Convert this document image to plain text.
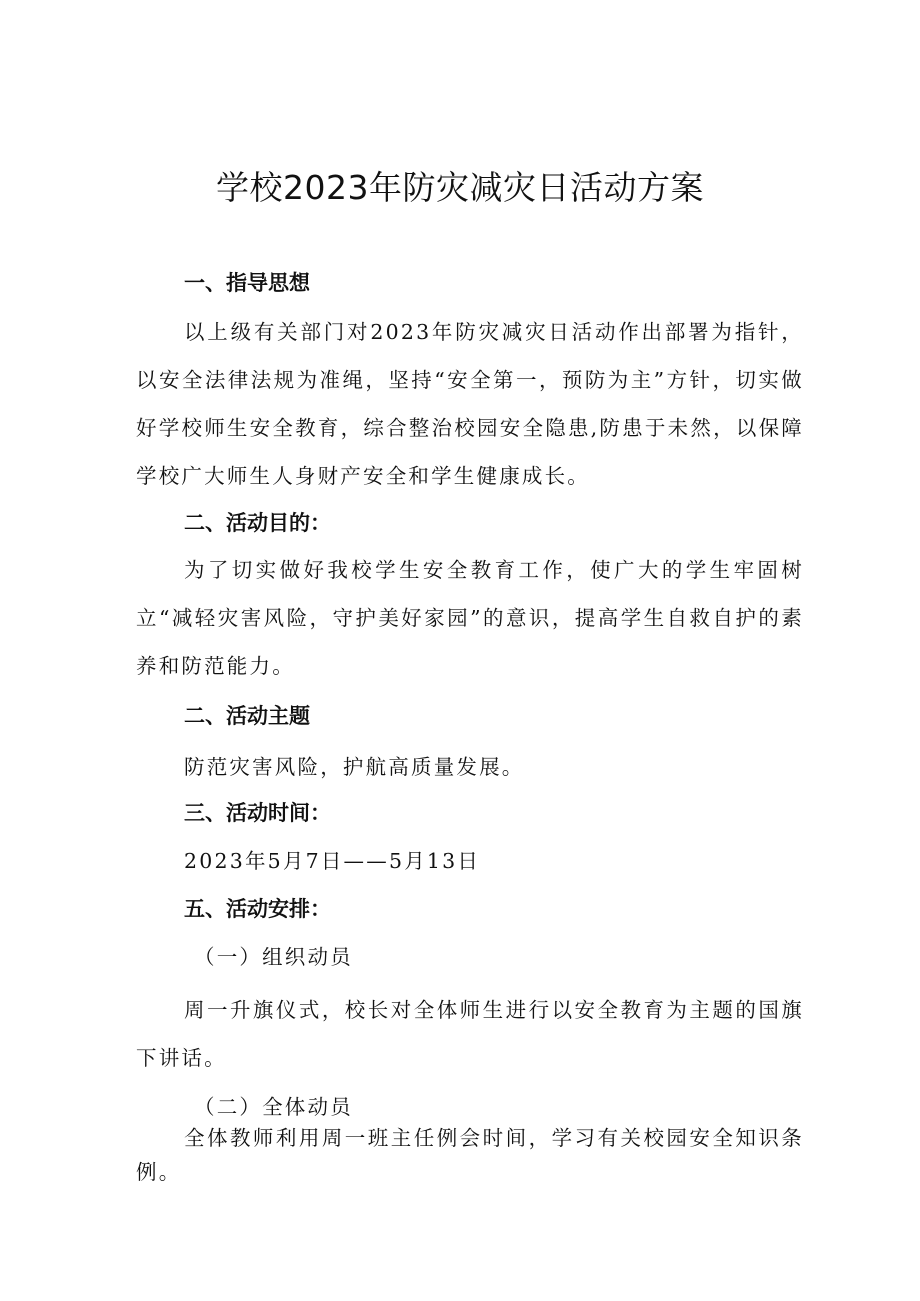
学校2023年防灾减灾日活动方案
一、指导思想

以上级有关部门对2023年防灾减灾日活动作出部署为指针，以安全法律法规为准绳，坚持“安全第一，预防为主”方针，切实做好学校师生安全教育，综合整治校园安全隐患,防患于未然，以保障学校广大师生人身财产安全和学生健康成长。

二、活动目的：

为了切实做好我校学生安全教育工作，使广大的学生牢固树立“减轻灾害风险，守护美好家园”的意识，提高学生自救自护的素养和防范能力。

二、活动主题

防范灾害风险，护航高质量发展。

三、活动时间：

2023年5月7日——5月13日

五、活动安排：

（一）组织动员

周一升旗仪式，校长对全体师生进行以安全教育为主题的国旗下讲话。

（二）全体动员

全体教师利用周一班主任例会时间，学习有关校园安全知识条例。
